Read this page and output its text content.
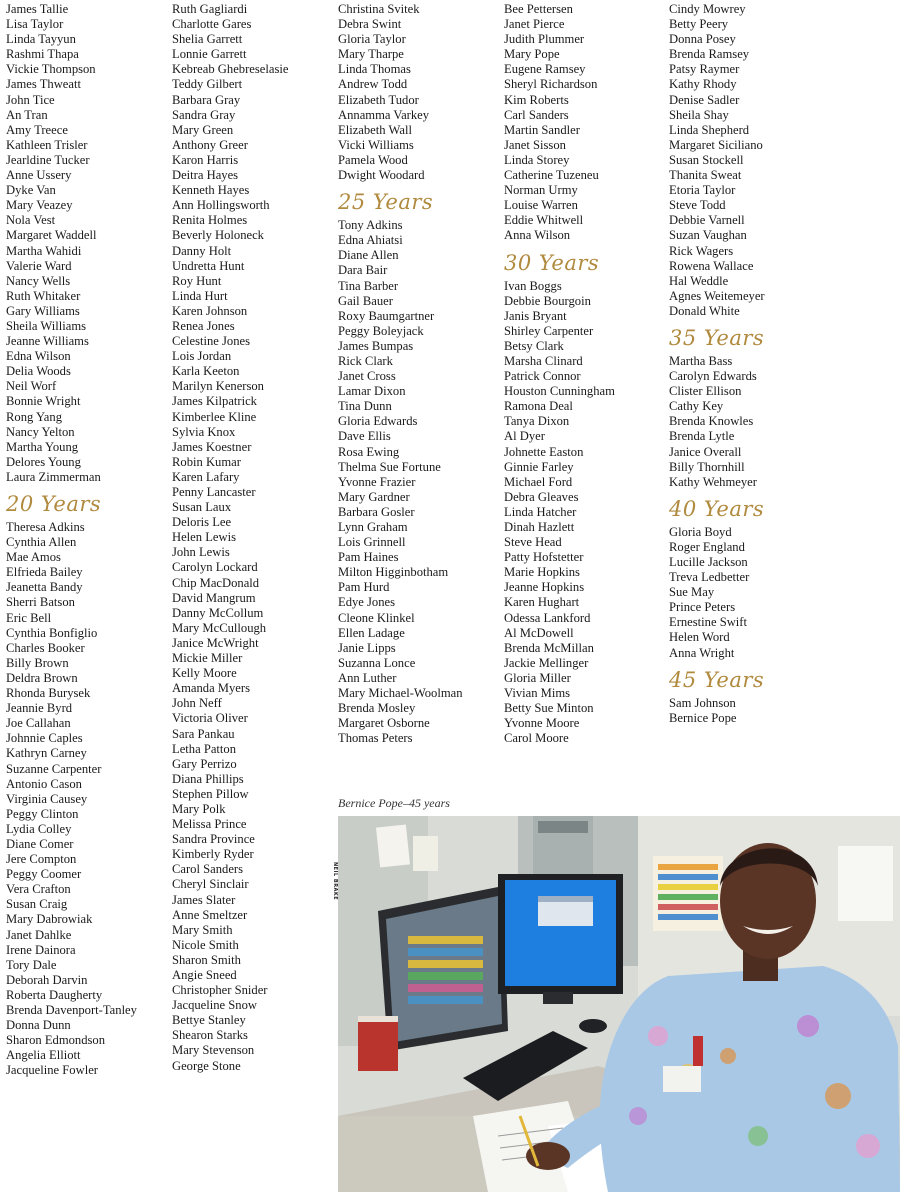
James Tallie
Lisa Taylor
Linda Tayyun
Rashmi Thapa
Vickie Thompson
James Thweatt
John Tice
An Tran
Amy Treece
Kathleen Trisler
Jearldine Tucker
Anne Ussery
Dyke Van
Mary Veazey
Nola Vest
Margaret Waddell
Martha Wahidi
Valerie Ward
Nancy Wells
Ruth Whitaker
Gary Williams
Sheila Williams
Jeanne Williams
Edna Wilson
Delia Woods
Neil Worf
Bonnie Wright
Rong Yang
Nancy Yelton
Martha Young
Delores Young
Laura Zimmerman
20 Years
Theresa Adkins
Cynthia Allen
Mae Amos
Elfrieda Bailey
Jeanetta Bandy
Sherri Batson
Eric Bell
Cynthia Bonfiglio
Charles Booker
Billy Brown
Deldra Brown
Rhonda Burysek
Jeannie Byrd
Joe Callahan
Johnnie Caples
Kathryn Carney
Suzanne Carpenter
Antonio Cason
Virginia Causey
Peggy Clinton
Lydia Colley
Diane Comer
Jere Compton
Peggy Coomer
Vera Crafton
Susan Craig
Mary Dabrowiak
Janet Dahlke
Irene Dainora
Tory Dale
Deborah Darvin
Roberta Daugherty
Brenda Davenport-Tanley
Donna Dunn
Sharon Edmondson
Angelia Elliott
Jacqueline Fowler
Ruth Gagliardi
Charlotte Gares
Shelia Garrett
Lonnie Garrett
Kebreab Ghebreselasie
Teddy Gilbert
Barbara Gray
Sandra Gray
Mary Green
Anthony Greer
Karon Harris
Deitra Hayes
Kenneth Hayes
Ann Hollingsworth
Renita Holmes
Beverly Holoneck
Danny Holt
Undretta Hunt
Roy Hunt
Linda Hurt
Karen Johnson
Renea Jones
Celestine Jones
Lois Jordan
Karla Keeton
Marilyn Kenerson
James Kilpatrick
Kimberlee Kline
Sylvia Knox
James Koestner
Robin Kumar
Karen Lafary
Penny Lancaster
Susan Laux
Deloris Lee
Helen Lewis
John Lewis
Carolyn Lockard
Chip MacDonald
David Mangrum
Danny McCollum
Mary McCullough
Janice McWright
Mickie Miller
Kelly Moore
Amanda Myers
John Neff
Victoria Oliver
Sara Pankau
Letha Patton
Gary Perrizo
Diana Phillips
Stephen Pillow
Mary Polk
Melissa Prince
Sandra Province
Kimberly Ryder
Carol Sanders
Cheryl Sinclair
James Slater
Anne Smeltzer
Mary Smith
Nicole Smith
Sharon Smith
Angie Sneed
Christopher Snider
Jacqueline Snow
Bettye Stanley
Shearon Starks
Mary Stevenson
George Stone
Christina Svitek
Debra Swint
Gloria Taylor
Mary Tharpe
Linda Thomas
Andrew Todd
Elizabeth Tudor
Annamma Varkey
Elizabeth Wall
Vicki Williams
Pamela Wood
Dwight Woodard
25 Years
Tony Adkins
Edna Ahiatsi
Diane Allen
Dara Bair
Tina Barber
Gail Bauer
Roxy Baumgartner
Peggy Boleyjack
James Bumpas
Rick Clark
Janet Cross
Lamar Dixon
Tina Dunn
Gloria Edwards
Dave Ellis
Rosa Ewing
Thelma Sue Fortune
Yvonne Frazier
Mary Gardner
Barbara Gosler
Lynn Graham
Lois Grinnell
Pam Haines
Milton Higginbotham
Pam Hurd
Edye Jones
Cleone Klinkel
Ellen Ladage
Janie Lipps
Suzanna Lonce
Ann Luther
Mary Michael-Woolman
Brenda Mosley
Margaret Osborne
Thomas Peters
Bee Pettersen
Janet Pierce
Judith Plummer
Mary Pope
Eugene Ramsey
Sheryl Richardson
Kim Roberts
Carl Sanders
Martin Sandler
Janet Sisson
Linda Storey
Catherine Tuzeneu
Norman Urmy
Louise Warren
Eddie Whitwell
Anna Wilson
30 Years
Ivan Boggs
Debbie Bourgoin
Janis Bryant
Shirley Carpenter
Betsy Clark
Marsha Clinard
Patrick Connor
Houston Cunningham
Ramona Deal
Tanya Dixon
Al Dyer
Johnette Easton
Ginnie Farley
Michael Ford
Debra Gleaves
Linda Hatcher
Dinah Hazlett
Steve Head
Patty Hofstetter
Marie Hopkins
Jeanne Hopkins
Karen Hughart
Odessa Lankford
Al McDowell
Brenda McMillan
Jackie Mellinger
Gloria Miller
Vivian Mims
Betty Sue Minton
Yvonne Moore
Carol Moore
Cindy Mowrey
Betty Peery
Donna Posey
Brenda Ramsey
Patsy Raymer
Kathy Rhody
Denise Sadler
Sheila Shay
Linda Shepherd
Margaret Siciliano
Susan Stockell
Thanita Sweat
Etoria Taylor
Steve Todd
Debbie Varnell
Suzan Vaughan
Rick Wagers
Rowena Wallace
Hal Weddle
Agnes Weitemeyer
Donald White
35 Years
Martha Bass
Carolyn Edwards
Clister Ellison
Cathy Key
Brenda Knowles
Brenda Lytle
Janice Overall
Billy Thornhill
Kathy Wehmeyer
40 Years
Gloria Boyd
Roger England
Lucille Jackson
Treva Ledbetter
Sue May
Prince Peters
Ernestine Swift
Helen Word
Anna Wright
45 Years
Sam Johnson
Bernice Pope
Bernice Pope–45 years
NEIL BRAKE
